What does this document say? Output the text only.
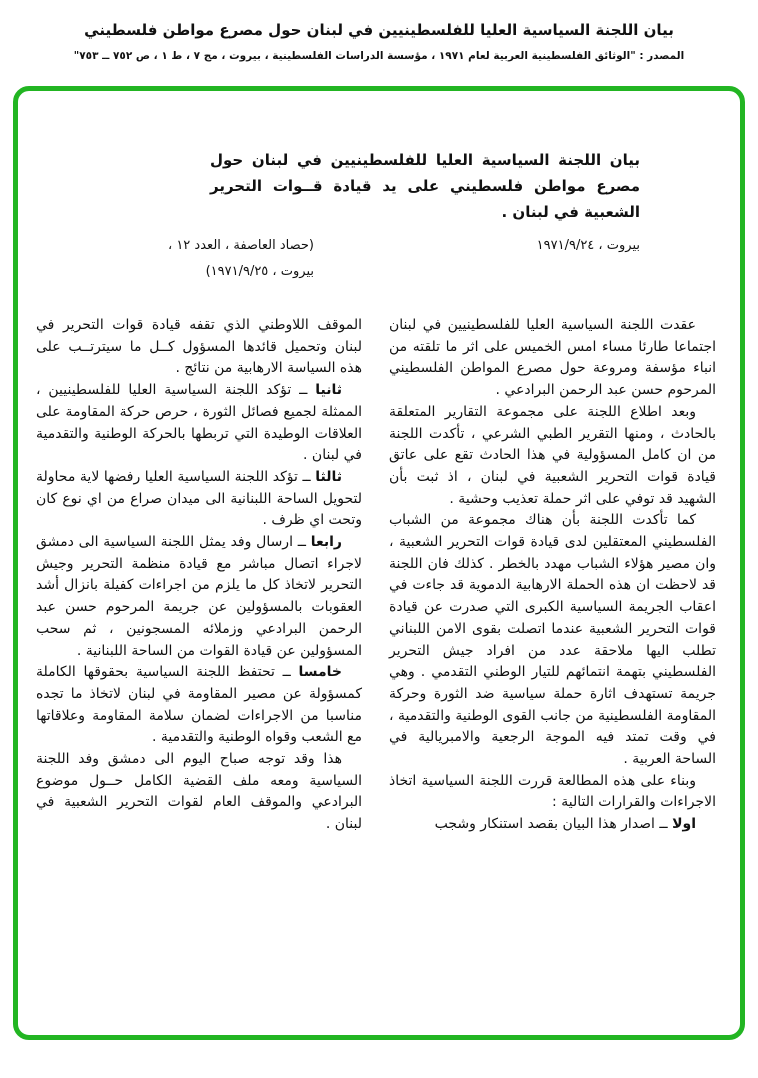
بيان اللجنة السياسية العليا للفلسطينيين في لبنان حول مصرع مواطن فلسطيني
المصدر : "الوثائق الفلسطينية العربية لعام ١٩٧١ ، مؤسسة الدراسات الفلسطينية ، بيروت ، مج ٧ ، ط ١ ، ص ٧٥٢ ــ ٧٥٣"
بيان اللجنة السياسية العليا للفلسطينيين في لبنان حول
مصرع مواطن فلسطيني على يد قيادة قــوات التحرير
الشعبية في لبنان .
بيروت ، ١٩٧١/٩/٢٤
(حصاد العاصفة ، العدد ١٢ ،
بيروت ، ١٩٧١/٩/٢٥)

عقدت اللجنة السياسية العليا للفلسطينيين في لبنان اجتماعا طارئا مساء امس الخميس على اثر ما تلقته من انباء مؤسفة ومروعة حول مصرع المواطن الفلسطيني المرحوم حسن عبد الرحمن البرادعي .

وبعد اطلاع اللجنة على مجموعة التقارير المتعلقة بالحادث ، ومنها التقرير الطبي الشرعي ، تأكدت اللجنة من ان كامل المسؤولية في هذا الحادث تقع على عاتق قيادة قوات التحرير الشعبية في لبنان ، اذ ثبت بأن الشهيد قد توفي على اثر حملة تعذيب وحشية .

كما تأكدت اللجنة بأن هناك مجموعة من الشباب الفلسطيني المعتقلين لدى قيادة قوات التحرير الشعبية ، وان مصير هؤلاء الشباب مهدد بالخطر . كذلك فان اللجنة قد لاحظت ان هذه الحملة الارهابية الدموية قد جاءت في اعقاب الجريمة السياسية الكبرى التي صدرت عن قيادة قوات التحرير الشعبية عندما اتصلت بقوى الامن اللبناني تطلب اليها ملاحقة عدد من افراد جيش التحرير الفلسطيني بتهمة انتمائهم للتيار الوطني التقدمي . وهي جريمة تستهدف اثارة حملة سياسية ضد الثورة وحركة المقاومة الفلسطينية من جانب القوى الوطنية والتقدمية ، في وقت تمتد فيه الموجة الرجعية والامبريالية في الساحة العربية .

وبناء على هذه المطالعة قررت اللجنة السياسية اتخاذ الاجراءات والقرارات التالية :

اولا ــ اصدار هذا البيان بقصد استنكار وشجب

الموقف اللاوطني الذي تقفه قيادة قوات التحرير في لبنان وتحميل قائدها المسؤول كــل ما سيترتــب على هذه السياسة الارهابية من نتائج .

ثانيا ــ تؤكد اللجنة السياسية العليا للفلسطينيين ، الممثلة لجميع فصائل الثورة ، حرص حركة المقاومة على العلاقات الوطيدة التي تربطها بالحركة الوطنية والتقدمية في لبنان .

ثالثا ــ تؤكد اللجنة السياسية العليا رفضها لاية محاولة لتحويل الساحة اللبنانية الى ميدان صراع من اي نوع كان وتحت اي ظرف .

رابعا ــ ارسال وفد يمثل اللجنة السياسية الى دمشق لاجراء اتصال مباشر مع قيادة منظمة التحرير وجيش التحرير لاتخاذ كل ما يلزم من اجراءات كفيلة بانزال أشد العقوبات بالمسؤولين عن جريمة المرحوم حسن عبد الرحمن البرادعي وزملائه المسجونين ، ثم سحب المسؤولين عن قيادة القوات من الساحة اللبنانية .

خامسا ــ تحتفظ اللجنة السياسية بحقوقها الكاملة كمسؤولة عن مصير المقاومة في لبنان لاتخاذ ما تجده مناسبا من الاجراءات لضمان سلامة المقاومة وعلاقاتها مع الشعب وقواه الوطنية والتقدمية .

هذا وقد توجه صباح اليوم الى دمشق وفد اللجنة السياسية ومعه ملف القضية الكامل حــول موضوع البرادعي والموقف العام لقوات التحرير الشعبية في لبنان .
